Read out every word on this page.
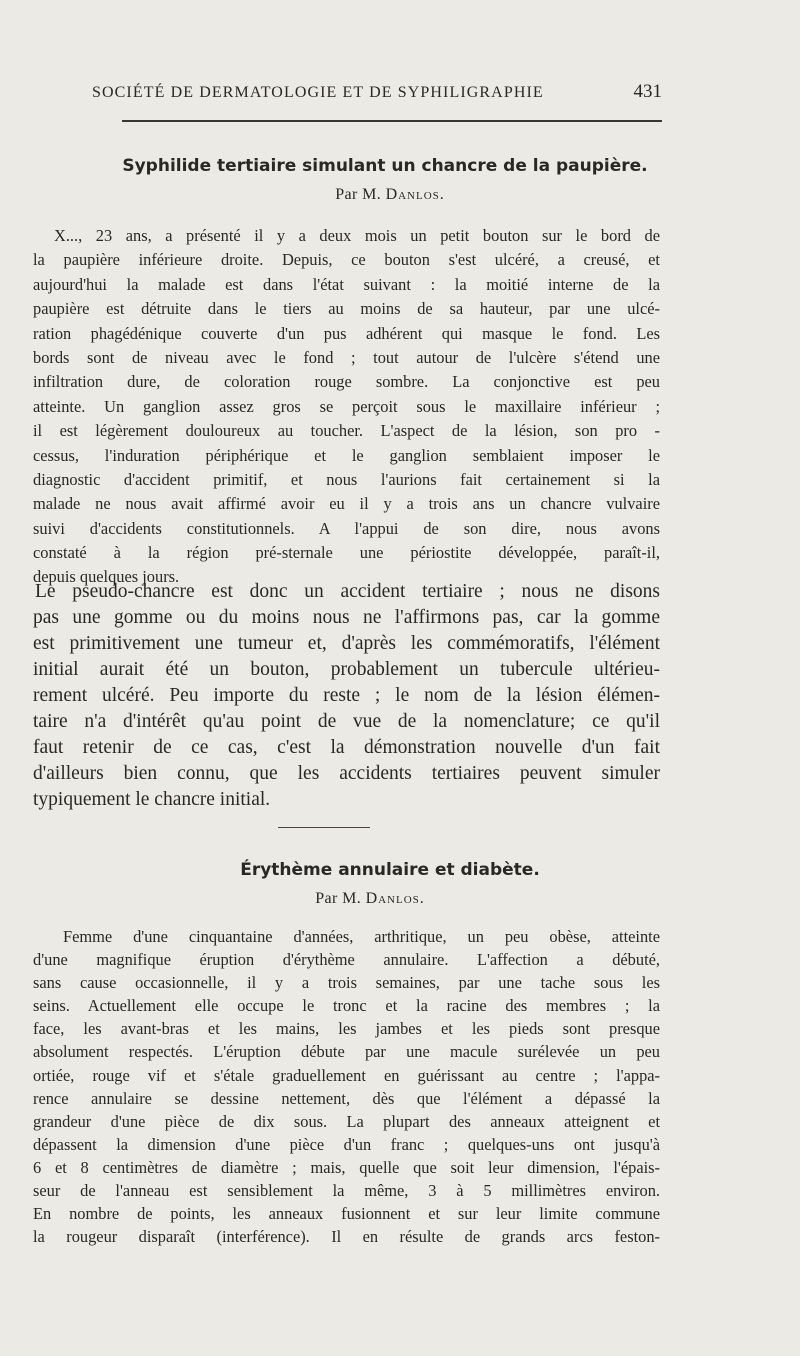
SOCIÉTÉ DE DERMATOLOGIE ET DE SYPHILIGRAPHIE	431
Syphilide tertiaire simulant un chancre de la paupière.
Par M. Danlos.
X..., 23 ans, a présenté il y a deux mois un petit bouton sur le bord de
la paupière inférieure droite. Depuis, ce bouton s'est ulcéré, a creusé, et
aujourd'hui la malade est dans l'état suivant : la moitié interne de la
paupière est détruite dans le tiers au moins de sa hauteur, par une ulcé-
ration phagédénique couverte d'un pus adhérent qui masque le fond. Les
bords sont de niveau avec le fond ; tout autour de l'ulcère s'étend une
infiltration dure, de coloration rouge sombre. La conjonctive est peu
atteinte. Un ganglion assez gros se perçoit sous le maxillaire inférieur ;
il est légèrement douloureux au toucher. L'aspect de la lésion, son pro -
cessus, l'induration périphérique et le ganglion semblaient imposer le
diagnostic d'accident primitif, et nous l'aurions fait certainement si la
malade ne nous avait affirmé avoir eu il y a trois ans un chancre vulvaire
suivi d'accidents constitutionnels. A l'appui de son dire, nous avons
constaté à la région pré-sternale une périostite développée, paraît-il,
depuis quelques jours.
Le pseudo-chancre est donc un accident tertiaire ; nous ne disons
pas une gomme ou du moins nous ne l'affirmons pas, car la gomme
est primitivement une tumeur et, d'après les commémoratifs, l'élément
initial aurait été un bouton, probablement un tubercule ultérieu-
rement ulcéré. Peu importe du reste ; le nom de la lésion élémen-
taire n'a d'intérêt qu'au point de vue de la nomenclature; ce qu'il
faut retenir de ce cas, c'est la démonstration nouvelle d'un fait
d'ailleurs bien connu, que les accidents tertiaires peuvent simuler
typiquement le chancre initial.
Érythème annulaire et diabète.
Par M. Danlos.
Femme d'une cinquantaine d'années, arthritique, un peu obèse, atteinte
d'une magnifique éruption d'érythème annulaire. L'affection a débuté,
sans cause occasionnelle, il y a trois semaines, par une tache sous les
seins. Actuellement elle occupe le tronc et la racine des membres ; la
face, les avant-bras et les mains, les jambes et les pieds sont presque
absolument respectés. L'éruption débute par une macule surélevée un peu
ortiée, rouge vif et s'étale graduellement en guérissant au centre ; l'appa-
rence annulaire se dessine nettement, dès que l'élément a dépassé la
grandeur d'une pièce de dix sous. La plupart des anneaux atteignent et
dépassent la dimension d'une pièce d'un franc ; quelques-uns ont jusqu'à
6 et 8 centimètres de diamètre ; mais, quelle que soit leur dimension, l'épais-
seur de l'anneau est sensiblement la même, 3 à 5 millimètres environ.
En nombre de points, les anneaux fusionnent et sur leur limite commune
la rougeur disparaît (interférence). Il en résulte de grands arcs feston-
